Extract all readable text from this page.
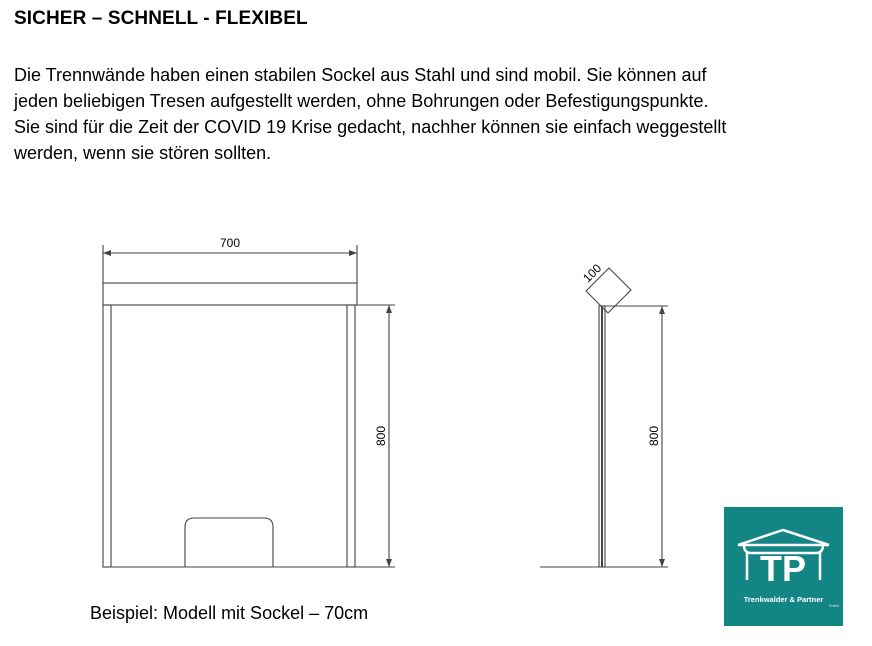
SICHER – SCHNELL - FLEXIBEL
Die Trennwände haben einen stabilen Sockel aus Stahl und sind mobil. Sie können auf
jeden beliebigen Tresen aufgestellt werden, ohne Bohrungen oder Befestigungspunkte.
Sie sind für die Zeit der COVID 19 Krise gedacht, nachher können sie einfach weggestellt
werden, wenn sie stören sollten.
700
800
100
800
Beispiel: Modell mit Sockel – 70cm
TP
Trenkwalder & Partner
GmbH
